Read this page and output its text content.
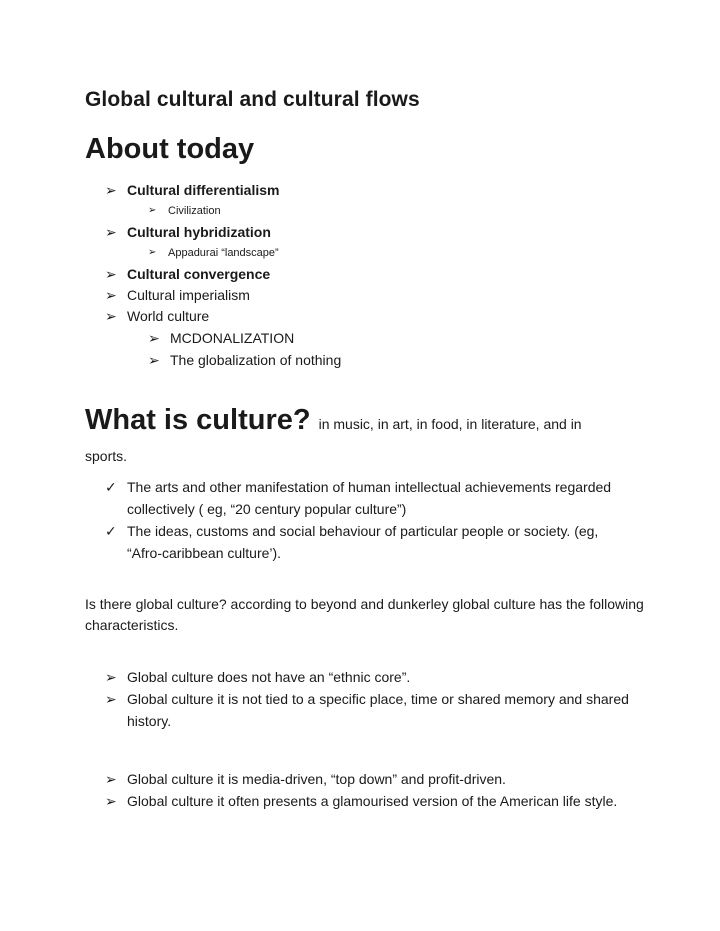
Global cultural and cultural flows
About today
➢ Cultural differentialism
➢ Civilization
➢ Cultural hybridization
➢ Appadurai “landscape”
➢ Cultural convergence
➢ Cultural imperialism
➢ World culture
➢ MCDONALIZATION
➢ The globalization of nothing
What is culture? in music, in art, in food, in literature, and in

sports.

✓ The arts and other manifestation of human intellectual achievements regarded collectively ( eg, “20 century popular culture”)
✓ The ideas, customs and social behaviour of particular people or society. (eg, “Afro-caribbean culture’).

Is there global culture? according to beyond and dunkerley global culture has the following characteristics.

➢ Global culture does not have an “ethnic core”.
➢ Global culture it is not tied to a specific place, time or shared memory and shared history.
➢ Global culture it is media-driven, “top down” and profit-driven.
➢ Global culture it often presents a glamourised version of the American life style.
